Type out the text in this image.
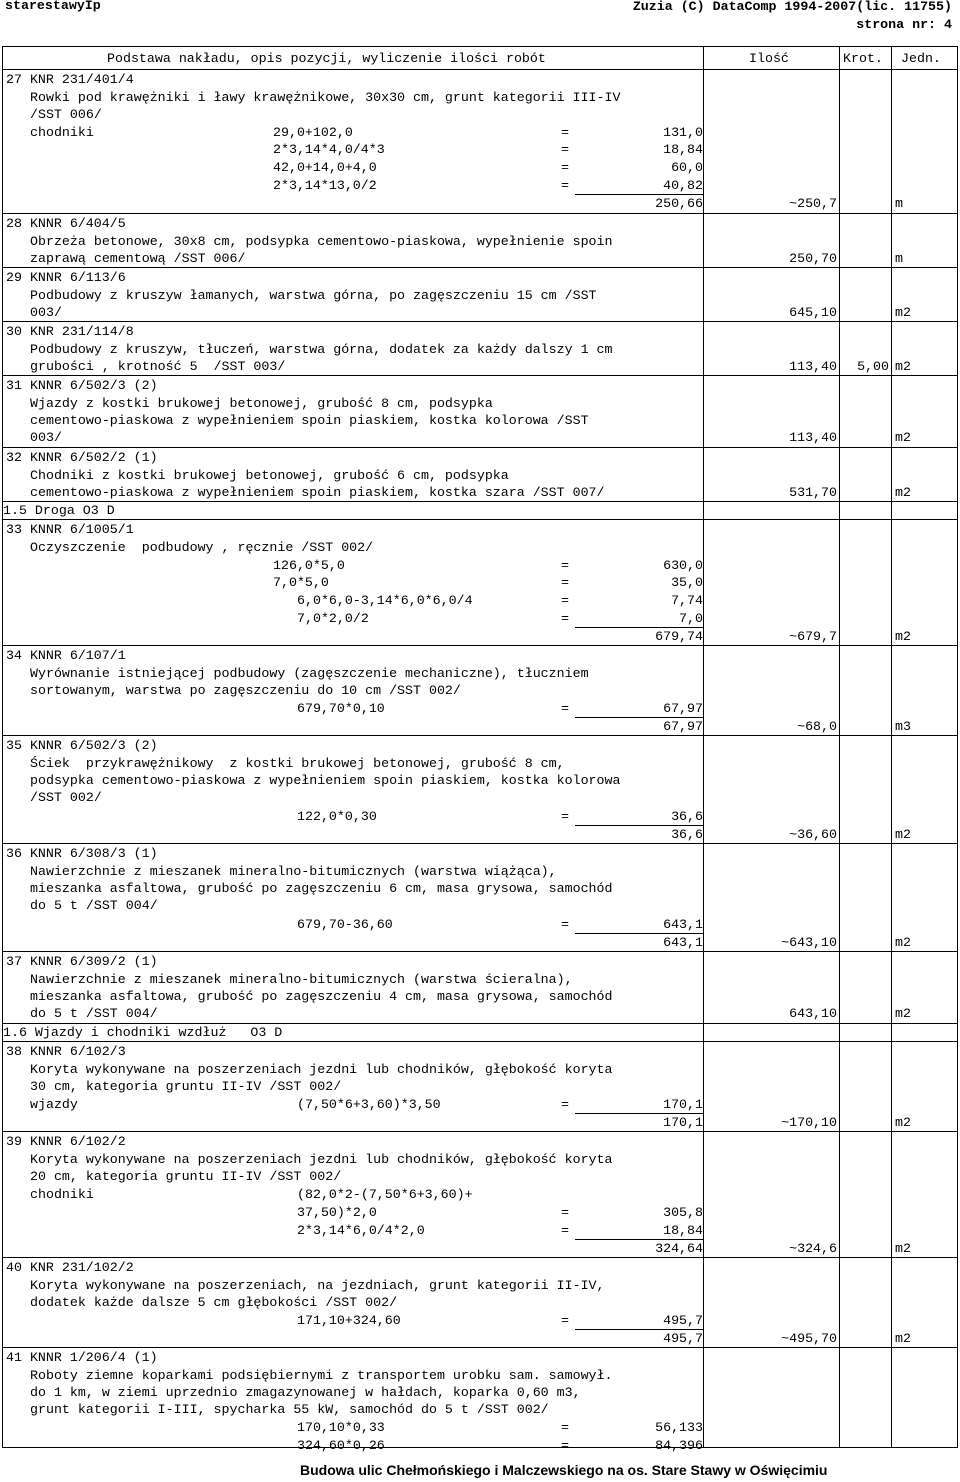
starestawyIp	Zuzia (C) DataComp 1994-2007(lic. 11755)
strona nr: 4
Podstawa nakładu, opis pozycji, wyliczenie ilości robót	Ilość	Krot. Jedn.
27 KNR 231/401/4
Rowki pod krawężniki i ławy krawężnikowe, 30x30 cm, grunt kategorii III-IV
/SST 006/
chodniki	29,0+102,0	=	131,0
2*3,14*4,0/4*3	=	18,84
42,0+14,0+4,0	=	60,0
2*3,14*13,0/2	=	40,82
250,66	~250,7	m
28 KNNR 6/404/5
Obrzeża betonowe, 30x8 cm, podsypka cementowo-piaskowa, wypełnienie spoin
zaprawą cementową /SST 006/	250,70	m
29 KNNR 6/113/6
Podbudowy z kruszyw łamanych, warstwa górna, po zagęszczeniu 15 cm /SST
003/	645,10	m2
30 KNR 231/114/8
Podbudowy z kruszyw, tłuczeń, warstwa górna, dodatek za każdy dalszy 1 cm
grubości , krotność 5  /SST 003/	113,40	5,00 m2
31 KNNR 6/502/3 (2)
Wjazdy z kostki brukowej betonowej, grubość 8 cm, podsypka
cementowo-piaskowa z wypełnieniem spoin piaskiem, kostka kolorowa /SST
003/	113,40	m2
32 KNNR 6/502/2 (1)
Chodniki z kostki brukowej betonowej, grubość 6 cm, podsypka
cementowo-piaskowa z wypełnieniem spoin piaskiem, kostka szara /SST 007/	531,70	m2
1.5 Droga O3 D
33 KNNR 6/1005/1
Oczyszczenie  podbudowy , ręcznie /SST 002/
126,0*5,0	=	630,0
7,0*5,0	=	35,0
6,0*6,0-3,14*6,0*6,0/4	=	7,74
7,0*2,0/2	=	7,0
679,74	~679,7	m2
34 KNNR 6/107/1
Wyrównanie istniejącej podbudowy (zagęszczenie mechaniczne), tłuczniem
sortowanym, warstwa po zagęszczeniu do 10 cm /SST 002/
679,70*0,10	=	67,97
67,97	~68,0	m3
35 KNNR 6/502/3 (2)
Ściek  przykrawężnikowy  z kostki brukowej betonowej, grubość 8 cm,
podsypka cementowo-piaskowa z wypełnieniem spoin piaskiem, kostka kolorowa
/SST 002/
122,0*0,30	=	36,6
36,6	~36,60	m2
36 KNNR 6/308/3 (1)
Nawierzchnie z mieszanek mineralno-bitumicznych (warstwa wiążąca),
mieszanka asfaltowa, grubość po zagęszczeniu 6 cm, masa grysowa, samochód
do 5 t /SST 004/
679,70-36,60	=	643,1
643,1	~643,10	m2
37 KNNR 6/309/2 (1)
Nawierzchnie z mieszanek mineralno-bitumicznych (warstwa ścieralna),
mieszanka asfaltowa, grubość po zagęszczeniu 4 cm, masa grysowa, samochód
do 5 t /SST 004/	643,10	m2
1.6 Wjazdy i chodniki wzdłuż   O3 D
38 KNNR 6/102/3
Koryta wykonywane na poszerzeniach jezdni lub chodników, głębokość koryta
30 cm, kategoria gruntu II-IV /SST 002/
wjazdy	(7,50*6+3,60)*3,50	=	170,1
170,1	~170,10	m2
39 KNNR 6/102/2
Koryta wykonywane na poszerzeniach jezdni lub chodników, głębokość koryta
20 cm, kategoria gruntu II-IV /SST 002/
chodniki	(82,0*2-(7,50*6+3,60)+
37,50)*2,0	=	305,8
2*3,14*6,0/4*2,0	=	18,84
324,64	~324,6	m2
40 KNR 231/102/2
Koryta wykonywane na poszerzeniach, na jezdniach, grunt kategorii II-IV,
dodatek każde dalsze 5 cm głębokości /SST 002/
171,10+324,60	=	495,7
495,7	~495,70	m2
41 KNNR 1/206/4 (1)
Roboty ziemne koparkami podsiębiernymi z transportem urobku sam. samowył.
do 1 km, w ziemi uprzednio zmagazynowanej w hałdach, koparka 0,60 m3,
grunt kategorii I-III, spycharka 55 kW, samochód do 5 t /SST 002/
170,10*0,33	=	56,133
324,60*0,26	=	84,396
Budowa ulic Chełmońskiego i Malczewskiego na os. Stare Stawy w Oświęcimiu
